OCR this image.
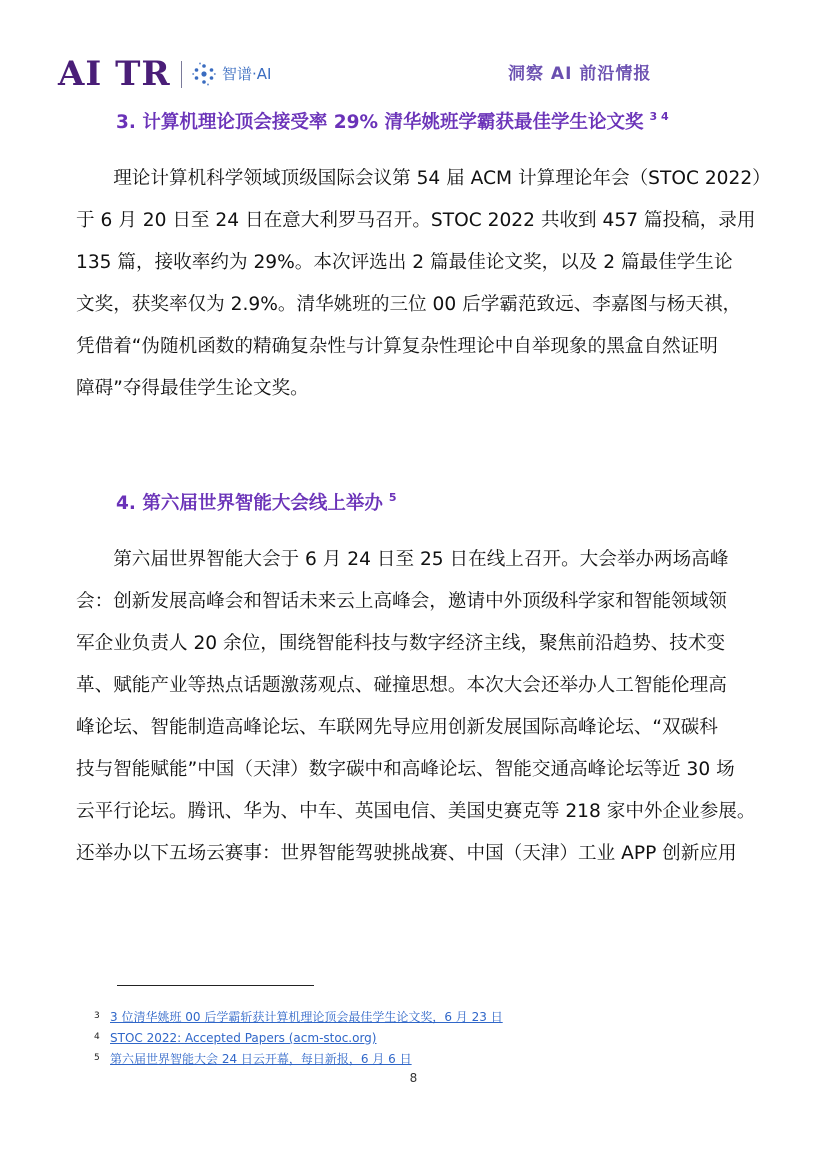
AI TR	智谱·AI	洞察 AI 前沿情报
3. 计算机理论顶会接受率 29% 清华姚班学霸获最佳学生论文奖 $^{3 4}$
　　理论计算机科学领域顶级国际会议第 54 届 ACM 计算理论年会（STOC 2022）
于 6 月 20 日至 24 日在意大利罗马召开。STOC 2022 共收到 457 篇投稿，录用
135 篇，接收率约为 29%。本次评选出 2 篇最佳论文奖，以及 2 篇最佳学生论
文奖，获奖率仅为 2.9%。清华姚班的三位 00 后学霸范致远、李嘉图与杨天祺，
凭借着“伪随机函数的精确复杂性与计算复杂性理论中自举现象的黑盒自然证明
障碍”夺得最佳学生论文奖。
4. 第六届世界智能大会线上举办 $^5$
　　第六届世界智能大会于 6 月 24 日至 25 日在线上召开。大会举办两场高峰
会：创新发展高峰会和智话未来云上高峰会，邀请中外顶级科学家和智能领域领
军企业负责人 20 余位，围绕智能科技与数字经济主线，聚焦前沿趋势、技术变
革、赋能产业等热点话题激荡观点、碰撞思想。本次大会还举办人工智能伦理高
峰论坛、智能制造高峰论坛、车联网先导应用创新发展国际高峰论坛、“双碳科
技与智能赋能”中国（天津）数字碳中和高峰论坛、智能交通高峰论坛等近 30 场
云平行论坛。腾讯、华为、中车、英国电信、美国史赛克等 218 家中外企业参展。
还举办以下五场云赛事：世界智能驾驶挑战赛、中国（天津）工业 APP 创新应用
3 3 位清华姚班 00 后学霸斩获计算机理论顶会最佳学生论文奖，6 月 23 日
4 STOC 2022: Accepted Papers (acm-stoc.org)
5 第六届世界智能大会 24 日云开幕，每日新报，6 月 6 日
8
